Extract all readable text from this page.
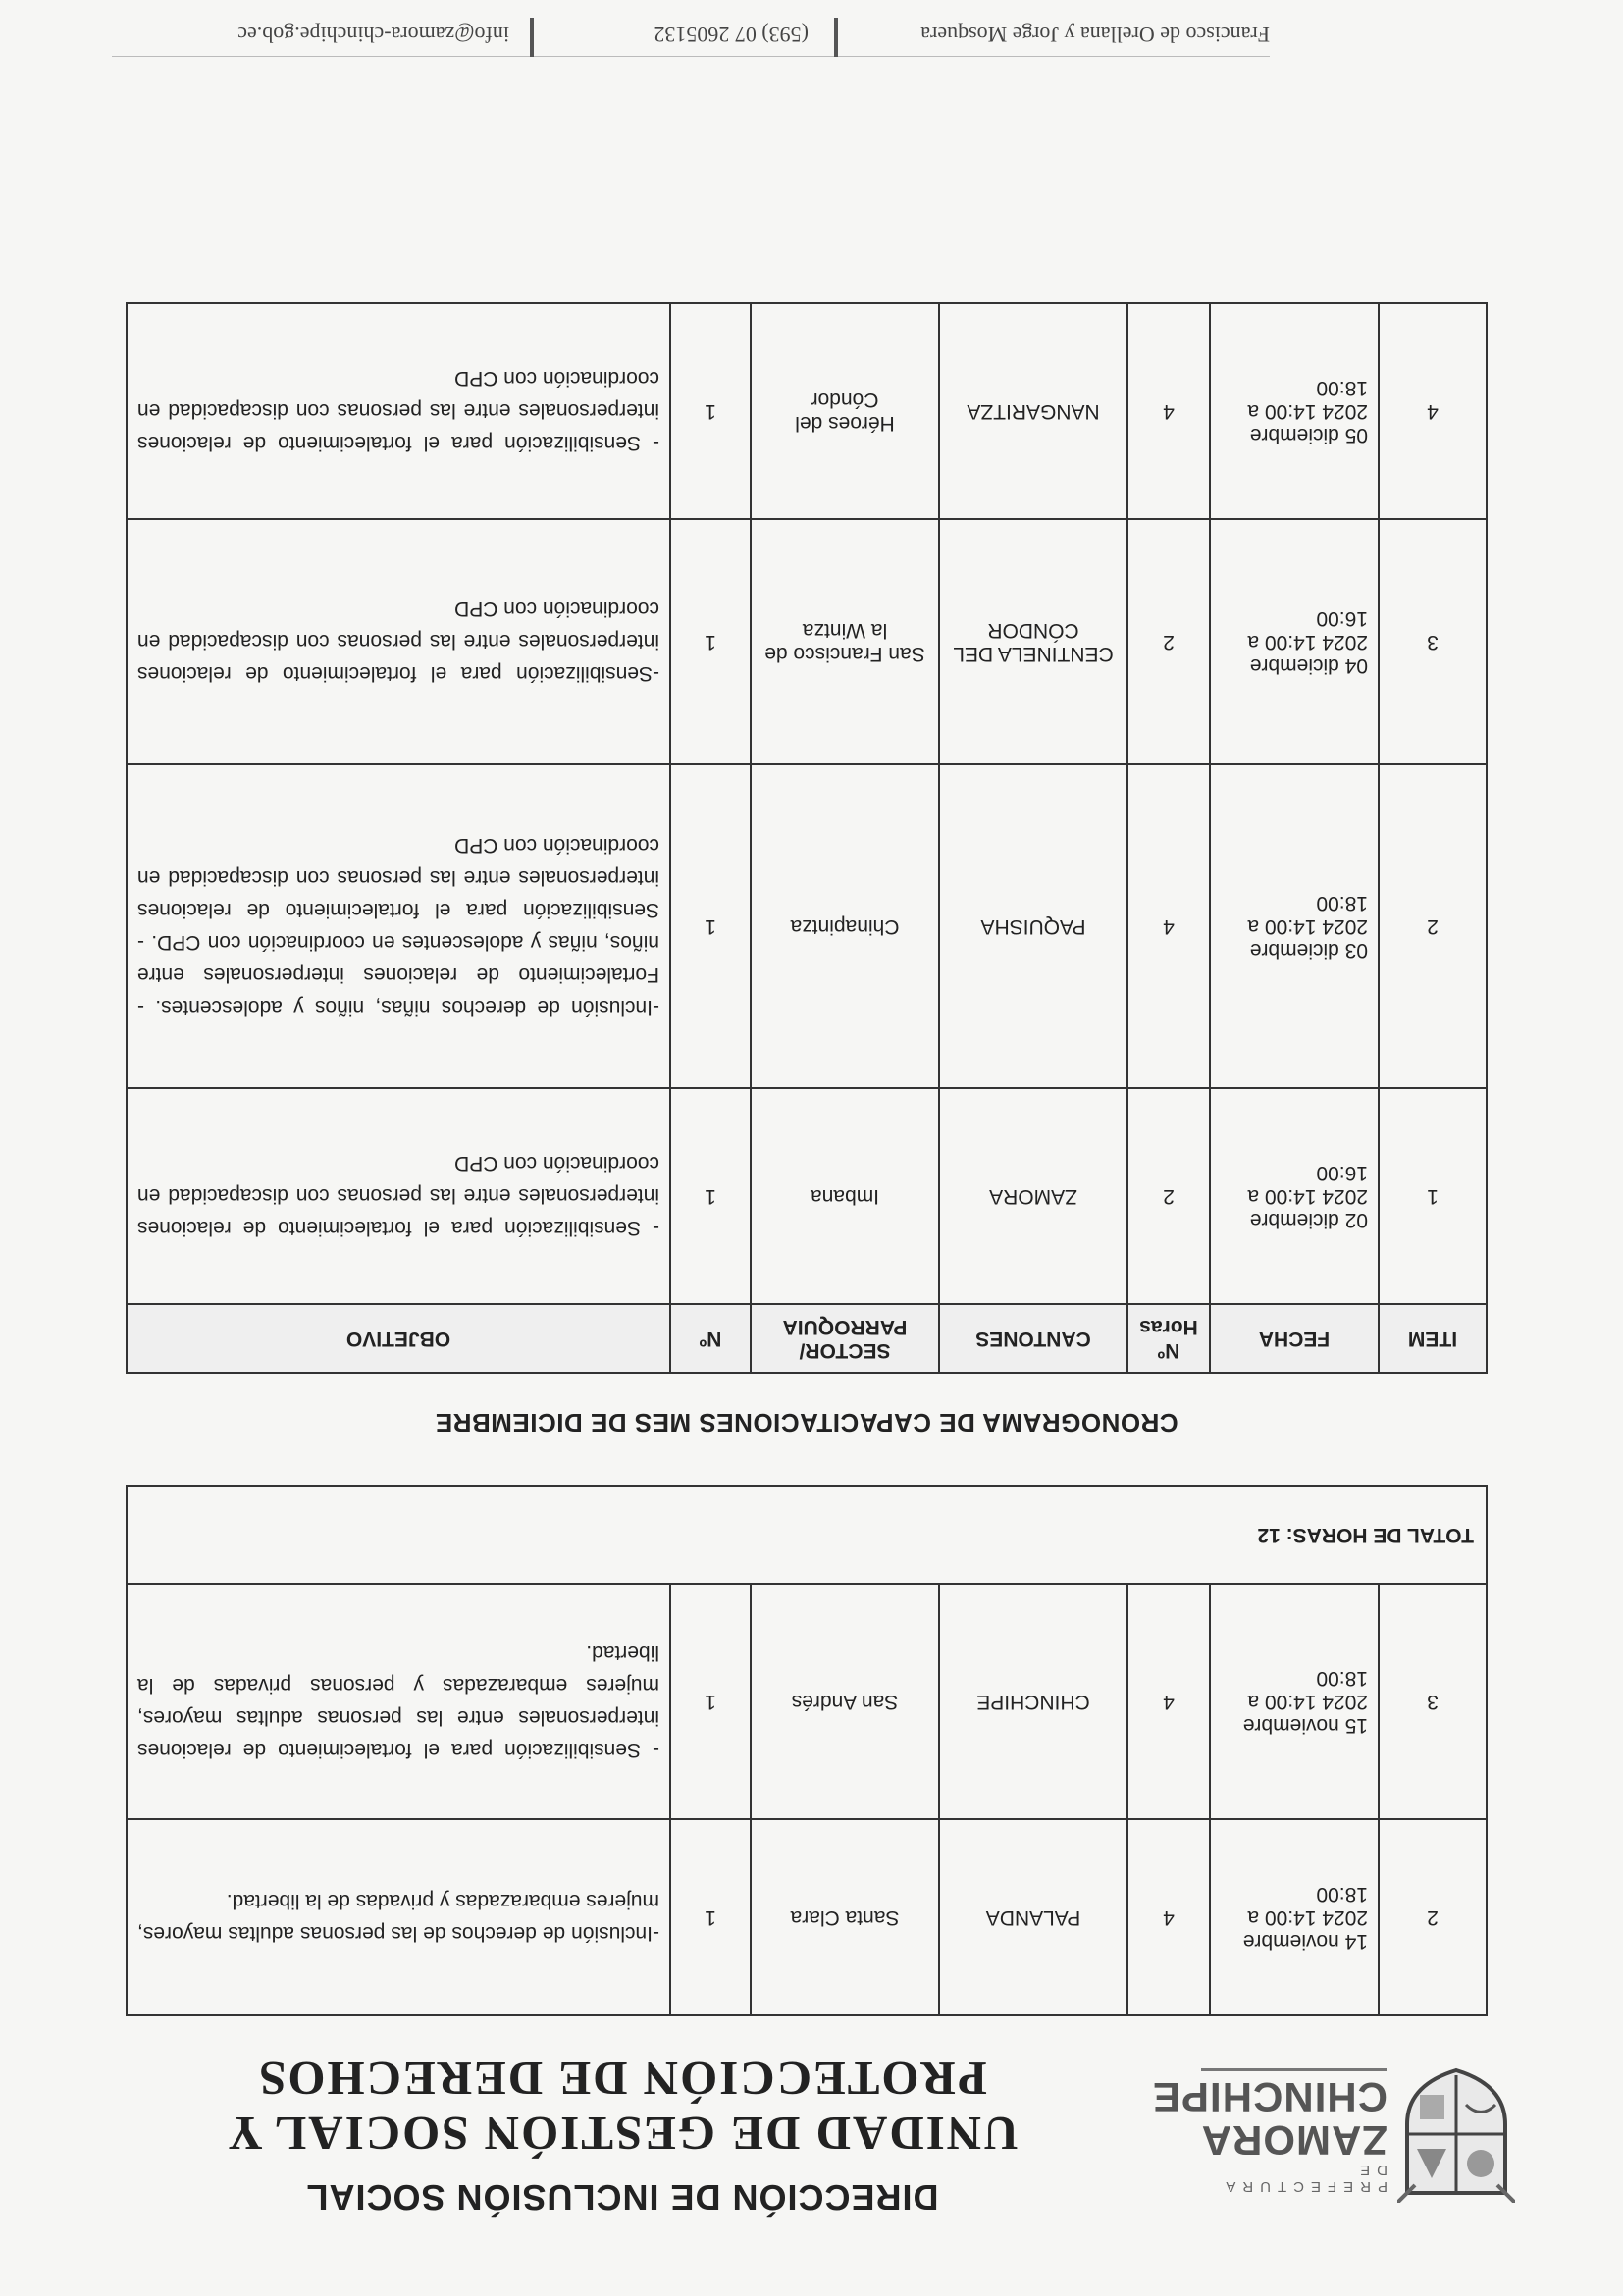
PREFECTURA DE
ZAMORA
CHINCHIPE
DIRECCIÓN DE INCLUSIÓN SOCIAL
UNIDAD DE GESTIÓN SOCIAL Y
PROTECCIÓN DE DERECHOS
2	14 noviembre 2024 14:00 a 18:00	4	PALANDA	Santa Clara	1	-Inclusión de derechos de las personas adultas mayores, mujeres embarazadas y privadas de la libertad.
3	15 noviembre 2024 14:00 a 18:00	4	CHINCHIPE	San Andrés	1	- Sensibilización para el fortalecimiento de relaciones interpersonales entre las personas adultas mayores, mujeres embarazadas y personas privadas de la libertad.
TOTAL DE HORAS: 12						
CRONOGRAMA DE CAPACITACIONES MES DE DICIEMBRE
ITEM	FECHA	Nº Horas	CANTONES	SECTOR/ PARROQUIA	Nº	OBJETIVO
1	02 diciembre 2024 14:00 a 16:00	2	ZAMORA	Imbana	1	- Sensibilización para el fortalecimiento de relaciones interpersonales entre las personas con discapacidad en coordinación con CPD
2	03 diciembre 2024 14:00 a 18:00	4	PAQUISHA	Chinapintza	1	-Inclusión de derechos niñas, niños y adolescentes. -Fortalecimiento de relaciones interpersonales entre niños, niñas y adolescentes en coordinación con CPD. -Sensibilización para el fortalecimiento de relaciones interpersonales entre las personas con discapacidad en coordinación con CPD
3	04 diciembre 2024 14:00 a 16:00	2	CENTINELA DEL CÓNDOR	San Francisco de la Wintza	1	-Sensibilización para el fortalecimiento de relaciones interpersonales entre las personas con discapacidad en coordinación con CPD
4	05 diciembre 2024 14:00 a 18:00	4	NANGARITZA	Héroes del Cóndor	1	- Sensibilización para el fortalecimiento de relaciones interpersonales entre las personas con discapacidad en coordinación con CPD
Francisco de Orellana y Jorge Mosquera
(593) 07 2605132
info@zamora-chinchipe.gob.ec
